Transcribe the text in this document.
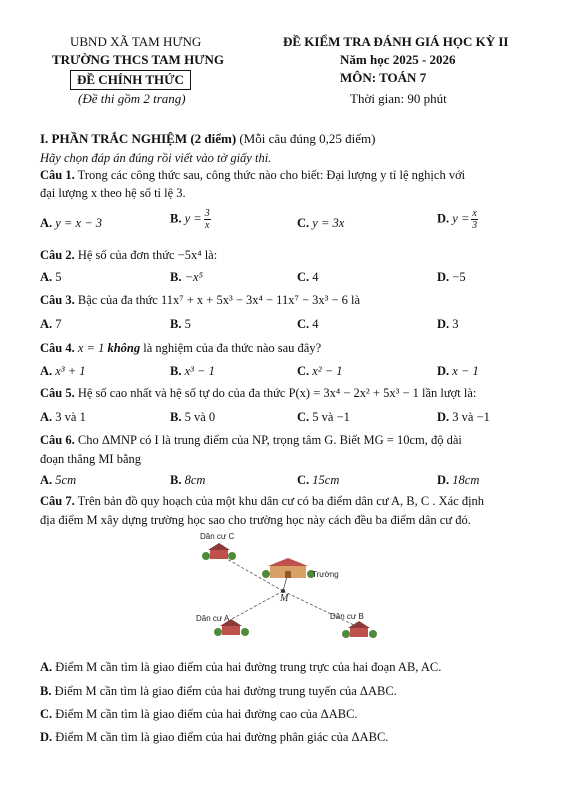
UBND XÃ TAM HƯNG
TRƯỜNG THCS TAM HƯNG
ĐỀ CHÍNH THỨC
(Đề thi gồm 2 trang)
ĐỀ KIỂM TRA ĐÁNH GIÁ HỌC KỲ II
Năm học 2025 - 2026
MÔN: TOÁN 7
Thời gian: 90 phút
I. PHẦN TRẮC NGHIỆM (2 điểm) (Mỗi câu đúng 0,25 điểm)
Hãy chọn đáp án đúng rồi viết vào tờ giấy thi.
Câu 1. Trong các công thức sau, công thức nào cho biết: Đại lượng y tỉ lệ nghịch với
đại lượng x theo hệ số tỉ lệ 3.
A. y = x − 3	B. $y = \frac{3}{x}$	C. y = 3x	D. $y = \frac{x}{3}$
Câu 2. Hệ số của đơn thức −5x⁴ là:
A. 5	B. −x⁵	C. 4	D. −5
Câu 3. Bậc của đa thức 11x⁷ + x + 5x³ − 3x⁴ − 11x⁷ − 3x³ − 6 là
A. 7	B. 5	C. 4	D. 3
Câu 4. x = 1 không là nghiệm của đa thức nào sau đây?
A. x³ + 1	B. x³ − 1	C. x² − 1	D. x − 1
Câu 5. Hệ số cao nhất và hệ số tự do của đa thức P(x) = 3x⁴ − 2x² + 5x³ − 1 lần lượt là:
A. 3 và 1	B. 5 và 0	C. 5 và −1	D. 3 và −1
Câu 6. Cho ΔMNP có I là trung điểm của NP, trọng tâm G. Biết MG = 10cm, độ dài
đoạn thẳng MI bằng
A. 5cm	B. 8cm	C. 15cm	D. 18cm
Câu 7. Trên bản đồ quy hoạch của một khu dân cư có ba điểm dân cư A, B, C . Xác định
địa điểm M xây dựng trường học sao cho trường học này cách đều ba điểm dân cư đó.
Dân cư C
Trường
M
Dân cư A	Dân cư B
A. Điểm M cần tìm là giao điểm của hai đường trung trực của hai đoạn AB, AC.
B. Điểm M cần tìm là giao điểm của hai đường trung tuyến của ΔABC.
C. Điểm M cần tìm là giao điểm của hai đường cao của ΔABC.
D. Điểm M cần tìm là giao điểm của hai đường phân giác của ΔABC.
